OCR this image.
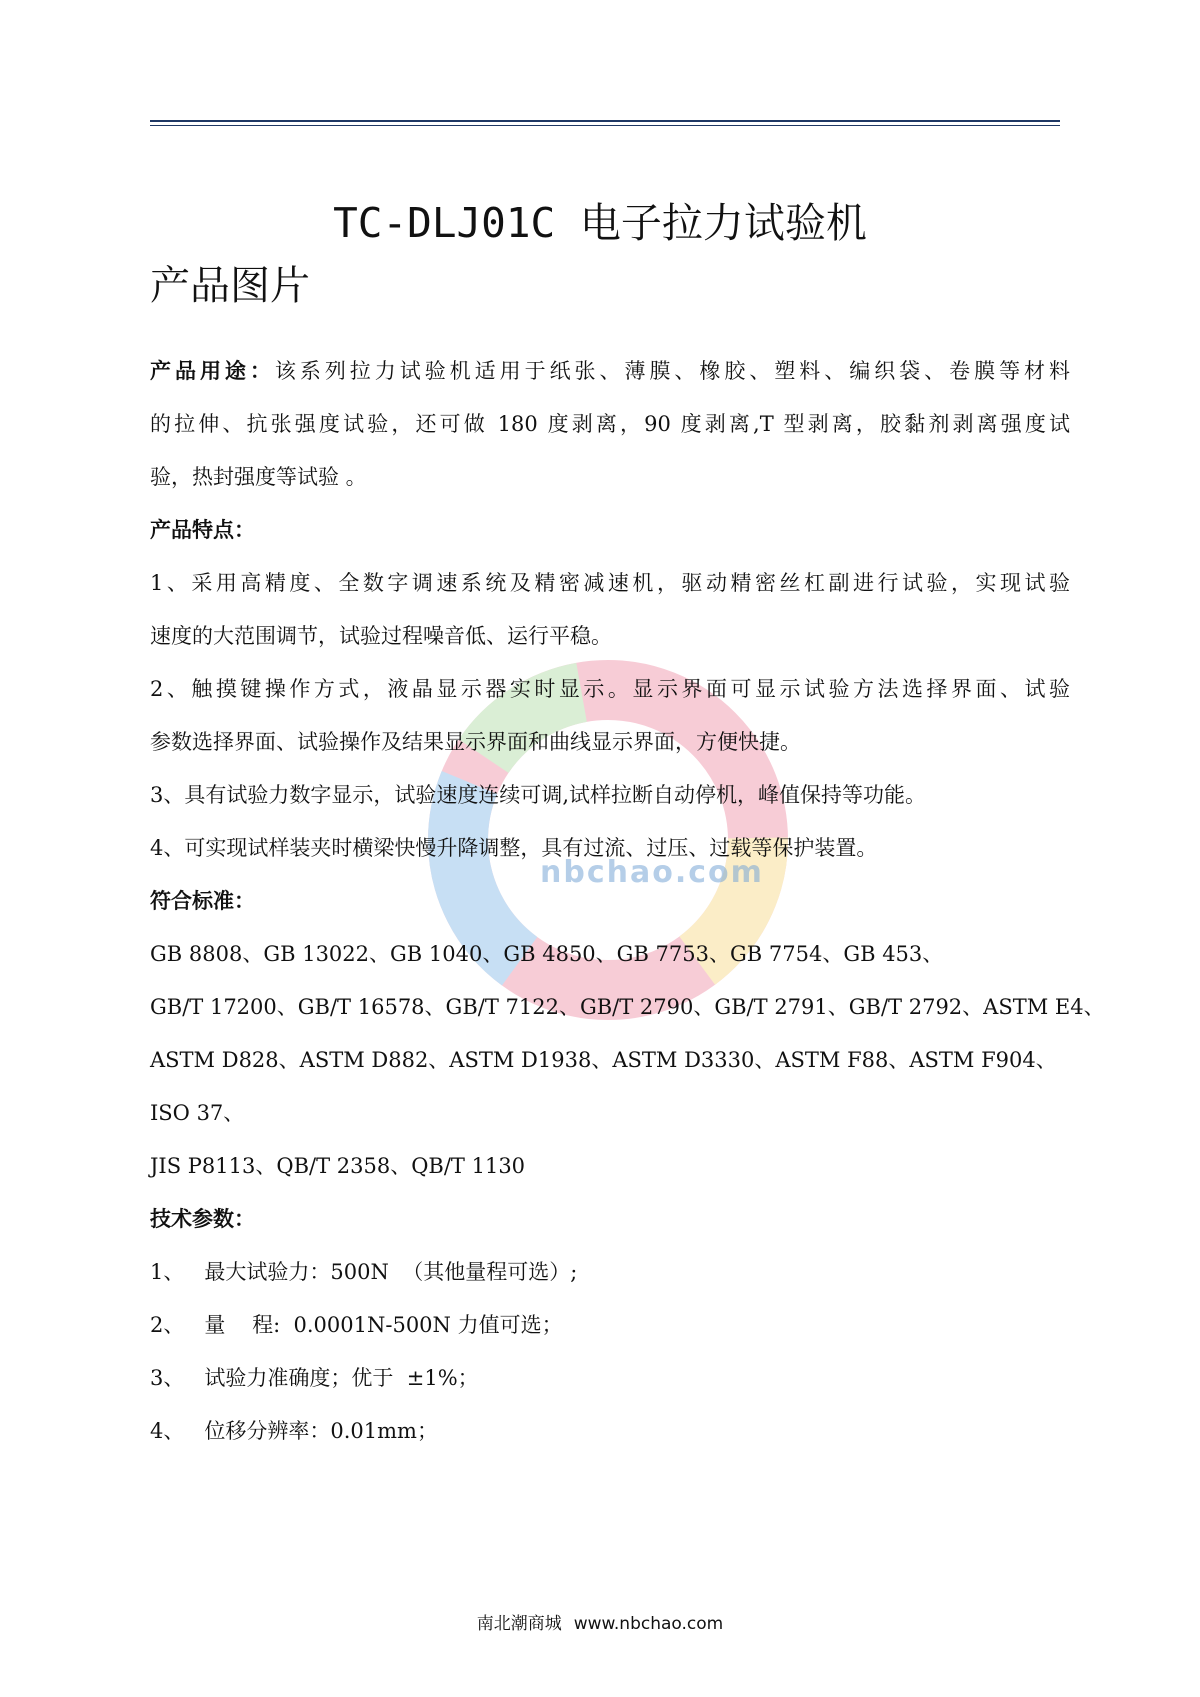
nbchao.com
TC-DLJ01C 电子拉力试验机
产品图片
产品用途：该系列拉力试验机适用于纸张、薄膜、橡胶、塑料、编织袋、卷膜等材料
的拉伸、抗张强度试验，还可做 180 度剥离，90 度剥离,T 型剥离，胶黏剂剥离强度试
验，热封强度等试验 。
产品特点：
1、采用高精度、全数字调速系统及精密减速机，驱动精密丝杠副进行试验，实现试验
速度的大范围调节，试验过程噪音低、运行平稳。
2、触摸键操作方式，液晶显示器实时显示。显示界面可显示试验方法选择界面、试验
参数选择界面、试验操作及结果显示界面和曲线显示界面，方便快捷。
3、具有试验力数字显示，试验速度连续可调,试样拉断自动停机，峰值保持等功能。
4、可实现试样装夹时横梁快慢升降调整，具有过流、过压、过载等保护装置。
符合标准：
GB 8808、GB 13022、GB 1040、GB 4850、GB 7753、GB 7754、GB 453、
GB/T 17200、GB/T 16578、GB/T 7122、GB/T 2790、GB/T 2791、GB/T 2792、ASTM E4、
ASTM D828、ASTM D882、ASTM D1938、ASTM D3330、ASTM F88、ASTM F904、
ISO 37、
JIS P8113、QB/T 2358、QB/T 1130
技术参数：
1、   最大试验力：500N  （其他量程可选）;
2、   量    程:  0.0001N-500N 力值可选；
3、   试验力准确度；优于  ±1%；
4、   位移分辨率：0.01mm；
南北潮商城 www.nbchao.com
